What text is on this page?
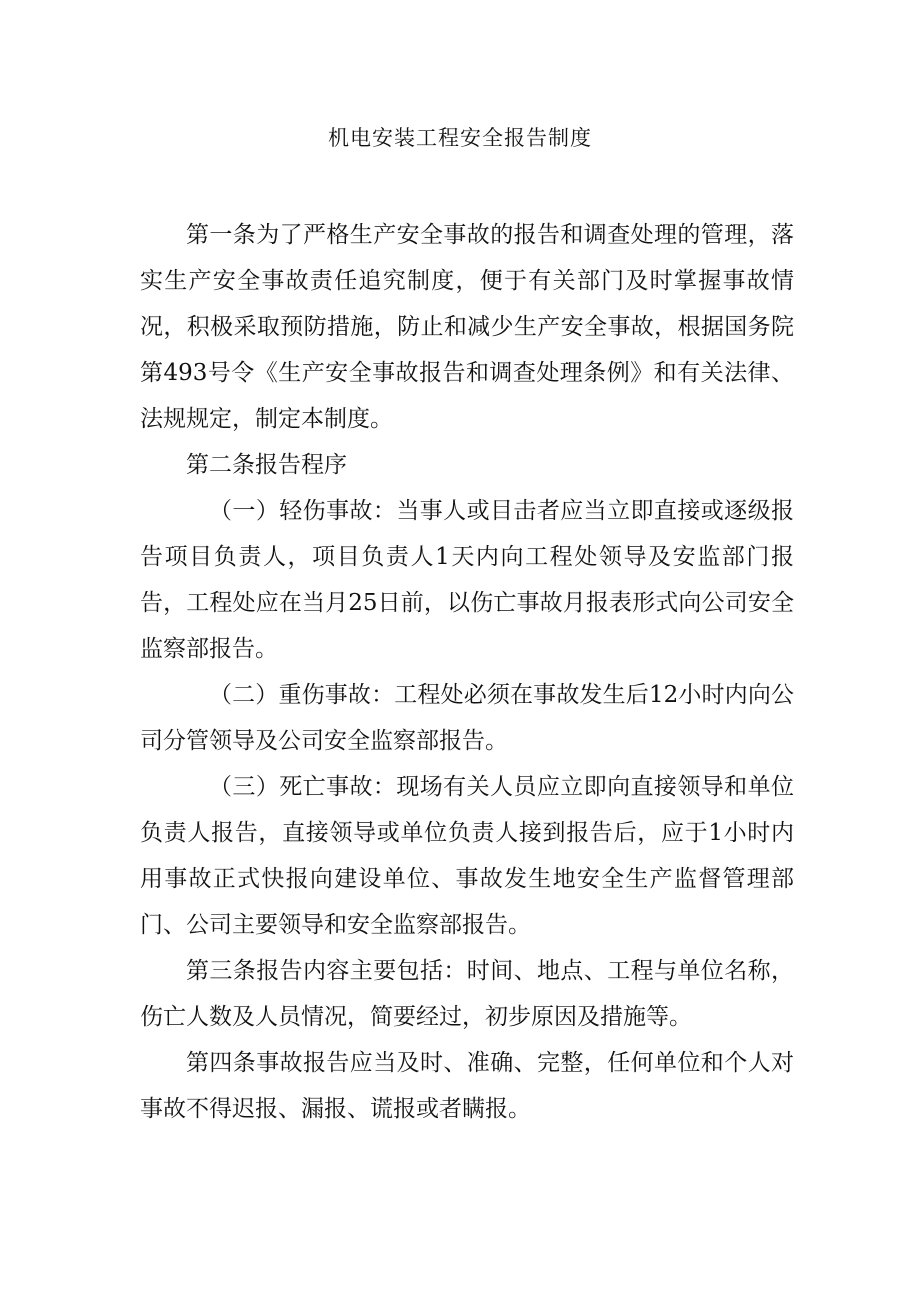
机电安装工程安全报告制度

第一条为了严格生产安全事故的报告和调查处理的管理，落实生产安全事故责任追究制度，便于有关部门及时掌握事故情况，积极采取预防措施，防止和减少生产安全事故，根据国务院第493号令《生产安全事故报告和调查处理条例》和有关法律、法规规定，制定本制度。

第二条报告程序

（一）轻伤事故：当事人或目击者应当立即直接或逐级报告项目负责人，项目负责人1天内向工程处领导及安监部门报告，工程处应在当月25日前，以伤亡事故月报表形式向公司安全监察部报告。

（二）重伤事故：工程处必须在事故发生后12小时内向公司分管领导及公司安全监察部报告。

（三）死亡事故：现场有关人员应立即向直接领导和单位负责人报告，直接领导或单位负责人接到报告后，应于1小时内用事故正式快报向建设单位、事故发生地安全生产监督管理部门、公司主要领导和安全监察部报告。

第三条报告内容主要包括：时间、地点、工程与单位名称，伤亡人数及人员情况，简要经过，初步原因及措施等。

第四条事故报告应当及时、准确、完整，任何单位和个人对事故不得迟报、漏报、谎报或者瞒报。
